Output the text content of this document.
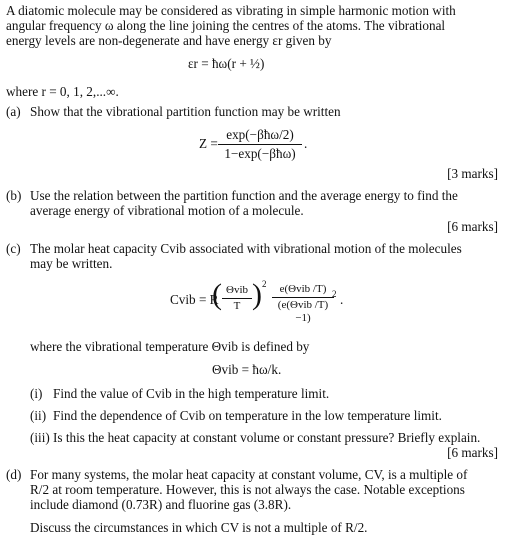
A diatomic molecule may be considered as vibrating in simple harmonic motion with
angular frequency ω along the line joining the centres of the atoms. The vibrational
energy levels are non-degenerate and have energy εr given by
εr = ħω(r + ½)
where r = 0, 1, 2,...∞.
(a) Show that the vibrational partition function may be written
Z =
exp(−βħω/2)
1−exp(−βħω)
.
[3 marks]
(b) Use the relation between the partition function and the average energy to find the
average energy of vibrational motion of a molecule.
[6 marks]
(c) The molar heat capacity Cvib associated with vibrational motion of the molecules
may be written.
Cvib = R
( Θvib
T ) 2	e(Θvib /T)
(e(Θvib /T) −1)
2 .
where the vibrational temperature Θvib is defined by
Θvib = ħω/k.
(i) Find the value of Cvib in the high temperature limit.
(ii) Find the dependence of Cvib on temperature in the low temperature limit.
(iii) Is this the heat capacity at constant volume or constant pressure? Briefly explain.
[6 marks]
(d) For many systems, the molar heat capacity at constant volume, CV, is a multiple of
R/2 at room temperature. However, this is not always the case. Notable exceptions
include diamond (0.73R) and fluorine gas (3.8R).
Discuss the circumstances in which CV is not a multiple of R/2.
